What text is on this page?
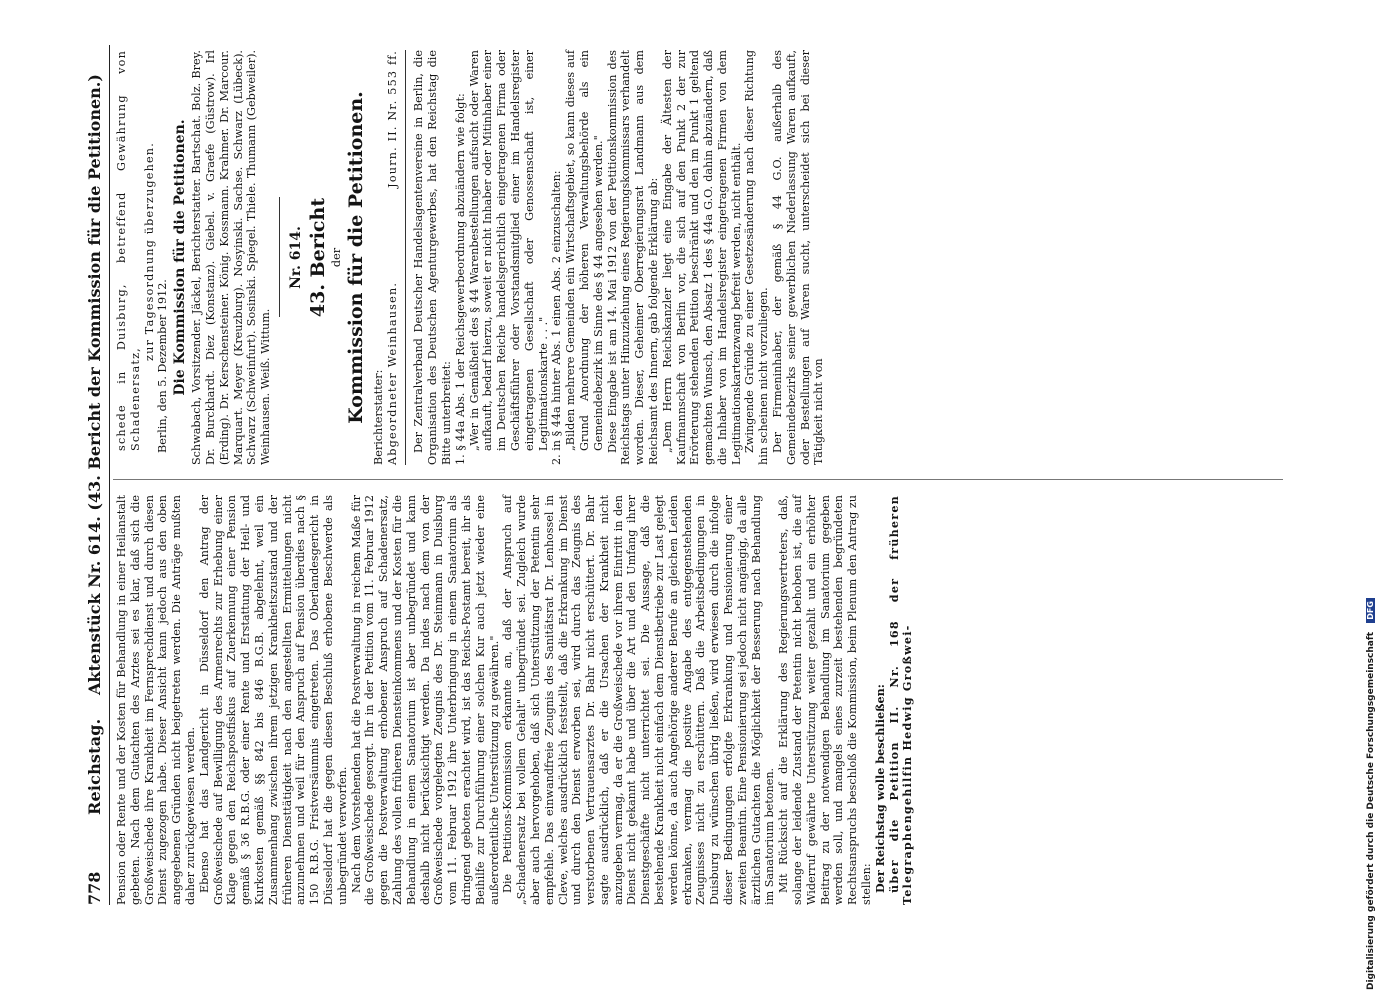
778
Reichstag.
Aktenstück Nr. 614. (43. Bericht der Kommission für die Petitionen.)

Pension oder Rente und der Kosten für Behandlung in einer Heilanstalt gebeten. Nach dem Gutachten des Arztes sei es klar, daß sich die Großweischede ihre Krankheit im Fernsprechdienst und durch diesen Dienst zugezogen habe. Dieser Ansicht kann jedoch aus den oben angegebenen Gründen nicht beigetreten werden. Die Anträge mußten daher zurückgewiesen werden. Ebenso hat das Landgericht in Düsseldorf den Antrag der Großweischede auf Bewilligung des Armenrechts zur Erhebung einer Klage gegen den Reichspostfiskus auf Zuerkennung einer Pension gemäß § 36 R.B.G. oder einer Rente und Erstattung der Heil- und Kurkosten gemäß §§ 842 bis 846 B.G.B. abgelehnt, weil ein Zusammenhang zwischen ihrem jetzigen Krankheitszustand und der früheren Diensttätigkeit nach den angestellten Ermittelungen nicht anzunehmen und weil für den Anspruch auf Pension überdies nach § 150 R.B.G. Fristversäumnis eingetreten. Das Oberlandesgericht in Düsseldorf hat die gegen diesen Beschluß erhobene Beschwerde als unbegründet verworfen. Nach dem Vorstehenden hat die Postverwaltung in reichem Maße für die Großweischede gesorgt. Ihr in der Petition vom 11. Februar 1912 gegen die Postverwaltung erhobener Anspruch auf Schadenersatz, Zahlung des vollen früheren Diensteinkommens und der Kosten für die Behandlung in einem Sanatorium ist aber unbegründet und kann deshalb nicht berücksichtigt werden. Da indes nach dem von der Großweischede vorgelegten Zeugnis des Dr. Steinmann in Duisburg vom 11. Februar 1912 ihre Unterbringung in einem Sanatorium als dringend geboten erachtet wird, ist das Reichs-Postamt bereit, ihr als Beihilfe zur Durchführung einer solchen Kur auch jetzt wieder eine außerordentliche Unterstützung zu gewähren." Die Petitions-Kommission erkannte an, daß der Anspruch auf „Schadenersatz bei vollem Gehalt" unbegründet sei. Zugleich wurde aber auch hervorgehoben, daß sich Unterstützung der Petentin sehr empfehle. Das einwandfreie Zeugnis des Sanitätsrat Dr. Lenhossel in Cleve, welches ausdrücklich feststellt, daß die Erkrankung im Dienst und durch den Dienst erworben sei, wird durch das Zeugnis des verstorbenen Vertrauensarztes Dr. Bahr nicht erschüttert. Dr. Bahr sagte ausdrücklich, daß er die Ursachen der Krankheit nicht anzugeben vermag, da er die Großweischede vor ihrem Eintritt in den Dienst nicht gekannt habe und über die Art und den Umfang ihrer Dienstgeschäfte nicht unterrichtet sei. Die Aussage, daß die bestehende Krankheit nicht einfach dem Dienstbetriebe zur Last gelegt werden könne, da auch Angehörige anderer Berufe an gleichen Leiden erkranken, vermag die positive Angabe des entgegenstehenden Zeugnisses nicht zu erschüttern. Daß die Arbeitsbedingungen in Duisburg zu wünschen übrig ließen, wird erwiesen durch die infolge dieser Bedingungen erfolgte Erkrankung und Pensionierung einer zweiten Beamtin. Eine Pensionierung sei jedoch nicht angängig, da alle ärztlichen Gutachten die Möglichkeit der Besserung nach Behandlung im Sanatorium betonen. Mit Rücksicht auf die Erklärung des Regierungsvertreters, daß, solange der leidende Zustand der Petentin nicht behoben ist, die auf Widerruf gewährte Unterstützung weiter gezahlt und ein erhöhter Beitrag zu der notwendigen Behandlung im Sanatorium gegeben werden soll, und mangels eines zurzeit bestehenden begründeten Rechtsanspruchs beschloß die Kommission, beim Plenum den Antrag zu stellen: Der Reichstag wolle beschließen: über die Petition II. Nr. 168 der früheren Telegraphengehilfin Hedwig Großwei-

schede in Duisburg, betreffend Gewährung von Schadenersatz,

zur Tagesordnung überzugehen.

Berlin, den 5. Dezember 1912. Die Kommission für die Petitionen. Schwabach, Vorsitzender. Jäckel, Berichterstatter. Bartschat. Bolz. Brey. Dr. Burckhardt. Diez (Konstanz). Giebel. v. Graefe (Güstrow). Irl (Erding). Dr. Kerschensteiner. König. Kossmann. Krahmer. Dr. Marcour. Marquart. Meyer (Kreuzburg). Nosyinski. Sachse. Schwarz (Lübeck). Schwarz (Schweinfurt). Sosinski. Spiegel. Thiele. Thumann (Gebweiler). Weinhausen. Weiß. Wittum.

Nr. 614. 43. Bericht der Kommission für die Petitionen. Berichterstatter: Abgeordneter Weinhausen.
Journ. II. Nr. 553 ff. Der Zentralverband Deutscher Handelsagentenvereine in Berlin, die Organisation des Deutschen Agenturgewerbes, hat den Reichstag die Bitte unterbreitet: 1. § 44a Abs. 1 der Reichsgewerbeordnung abzuändern wie folgt: „Wer in Gemäßheit des § 44 Warenbestellungen aufsucht oder Waren aufkauft, bedarf hierzu, soweit er nicht Inhaber oder Mitinhaber einer im Deutschen Reiche handelsgerichtlich eingetragenen Firma oder Geschäftsführer oder Vorstandsmitglied einer im Handelsregister eingetragenen Gesellschaft oder Genossenschaft ist, einer Legitimationskarte . . ." 2. in § 44a hinter Abs. 1 einen Abs. 2 einzuschalten: „Bilden mehrere Gemeinden ein Wirtschaftsgebiet, so kann dieses auf Grund Anordnung der höheren Verwaltungsbehörde als ein Gemeindebezirk im Sinne des § 44 angesehen werden." Diese Eingabe ist am 14. Mai 1912 von der Petitionskommission des Reichstags unter Hinzuziehung eines Regierungskommissars verhandelt worden. Dieser, Geheimer Oberregierungsrat Landmann aus dem Reichsamt des Innern, gab folgende Erklärung ab: „Dem Herrn Reichskanzler liegt eine Eingabe der Ältesten der Kaufmannschaft von Berlin vor, die sich auf den Punkt 2 der zur Erörterung stehenden Petition beschränkt und den im Punkt 1 geltend gemachten Wunsch, den Absatz 1 des § 44a G.O. dahin abzuändern, daß die Inhaber von im Handelsregister eingetragenen Firmen von dem Legitimationskartenzwang befreit werden, nicht enthält. Zwingende Gründe zu einer Gesetzesänderung nach dieser Richtung hin scheinen nicht vorzuliegen. Der Firmeninhaber, der gemäß § 44 G.O. außerhalb des Gemeindebezirks seiner gewerblichen Niederlassung Waren aufkauft, oder Bestellungen auf Waren sucht, unterscheidet sich bei dieser Tätigkeit nicht von

Digitalisierung gefördert durch die Deutsche Forschungsgemeinschaft DFG
